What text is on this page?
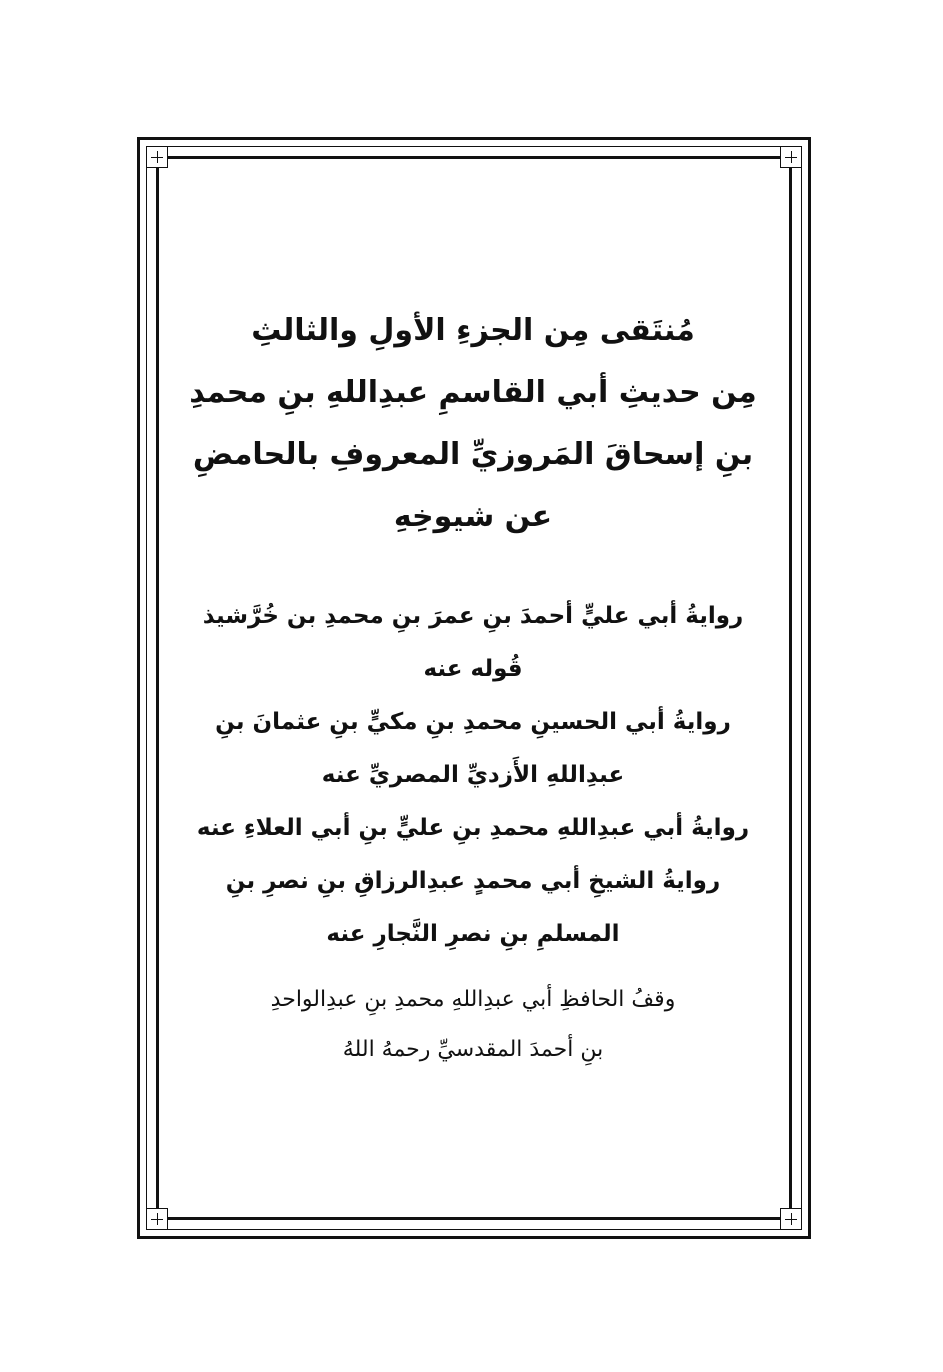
مُنتَقى مِن الجزءِ الأولِ والثالثِ
مِن حديثِ أبي القاسمِ عبدِاللهِ بنِ محمدِ
بنِ إسحاقَ المَروزيِّ المعروفِ بالحامضِ
عن شيوخِهِ
روايةُ أبي عليٍّ أحمدَ بنِ عمرَ بنِ محمدِ بن خُرَّشيذ
قُوله عنه
روايةُ أبي الحسينِ محمدِ بنِ مكيٍّ بنِ عثمانَ بنِ
عبدِاللهِ الأَزديِّ المصريِّ عنه
روايةُ أبي عبدِاللهِ محمدِ بنِ عليٍّ بنِ أبي العلاءِ عنه
روايةُ الشيخِ أبي محمدٍ عبدِالرزاقِ بنِ نصرِ بنِ
المسلمِ بنِ نصرِ النَّجارِ عنه
وقفُ الحافظِ أبي عبدِاللهِ محمدِ بنِ عبدِالواحدِ
بنِ أحمدَ المقدسيِّ رحمهُ اللهُ
